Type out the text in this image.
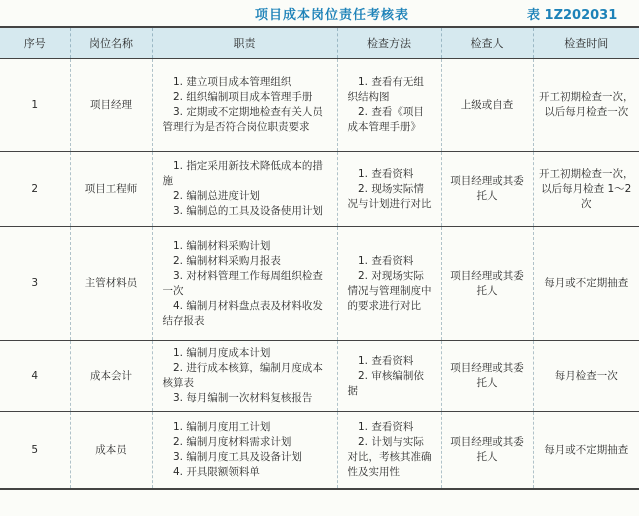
项目成本岗位责任考核表	表 1Z202031
序号	岗位名称	职责	检查方法	检查人	检查时间
1	项目经理	1. 建立项目成本管理组织
2. 组织编制项目成本管理手册
3. 定期或不定期地检查有关人员管理行为是否符合岗位职责要求	1. 查看有无组织结构图
2. 查看《项目成本管理手册》	上级或自查	开工初期检查一次，以后每月检查一次
2	项目工程师	1. 指定采用新技术降低成本的措施
2. 编制总进度计划
3. 编制总的工具及设备使用计划	1. 查看资料
2. 现场实际情况与计划进行对比	项目经理或其委托人	开工初期检查一次，以后每月检查 1～2 次
3	主管材料员	1. 编制材料采购计划
2. 编制材料采购月报表
3. 对材料管理工作每周组织检查一次
4. 编制月材料盘点表及材料收发结存报表	1. 查看资料
2. 对现场实际情况与管理制度中的要求进行对比	项目经理或其委托人	每月或不定期抽查
4	成本会计	1. 编制月度成本计划
2. 进行成本核算，编制月度成本核算表
3. 每月编制一次材料复核报告	1. 查看资料
2. 审核编制依据	项目经理或其委托人	每月检查一次
5	成本员	1. 编制月度用工计划
2. 编制月度材料需求计划
3. 编制月度工具及设备计划
4. 开具限额领料单	1. 查看资料
2. 计划与实际对比，考核其准确性及实用性	项目经理或其委托人	每月或不定期抽查
